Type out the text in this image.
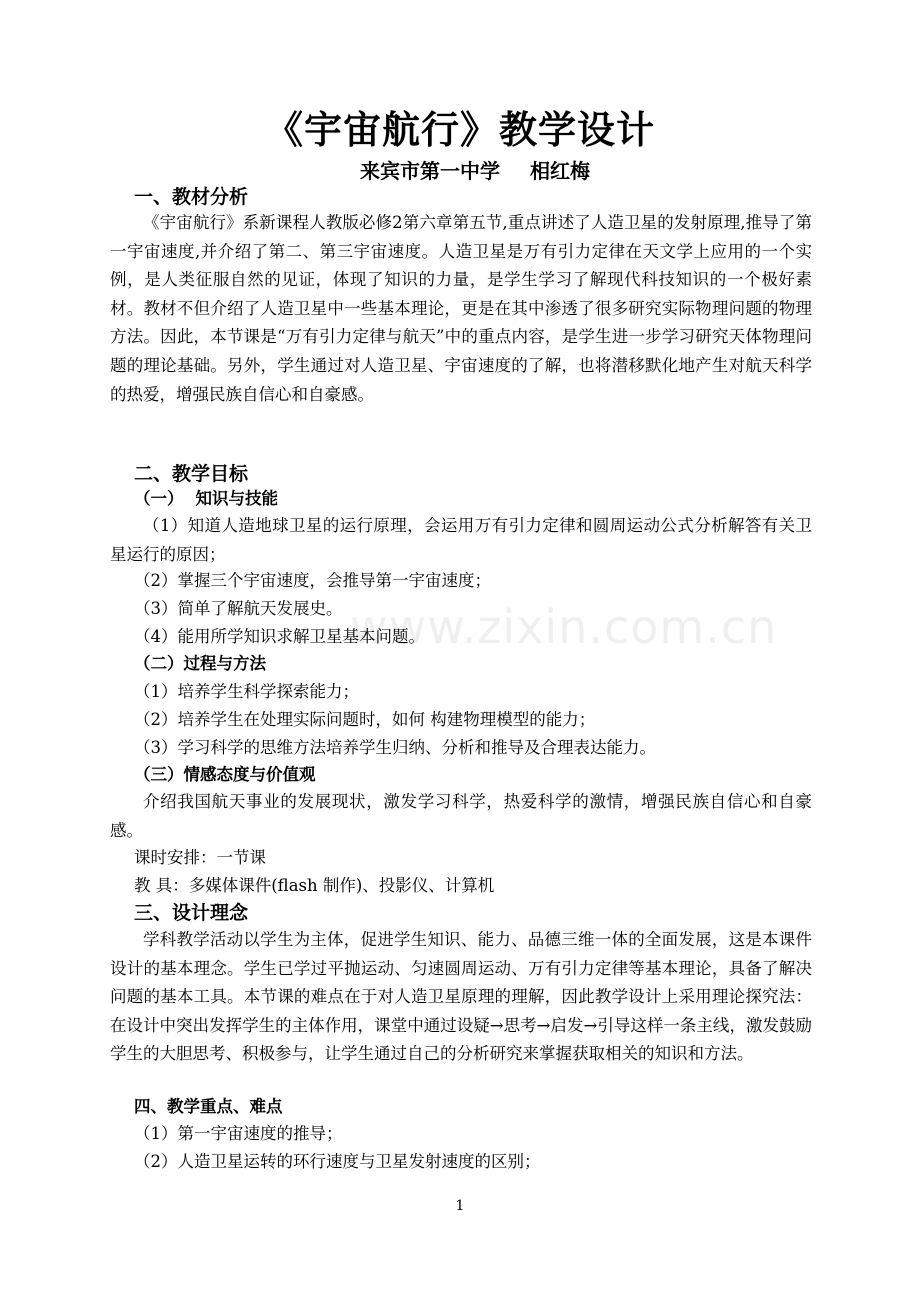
www.zixin.com.cn
《宇宙航行》教学设计
来宾市第一中学 相红梅
一、教材分析
《宇宙航行》系新课程人教版必修2第六章第五节,重点讲述了人造卫星的发射原理,推导了第一宇宙速度,并介绍了第二、第三宇宙速度。人造卫星是万有引力定律在天文学上应用的一个实例，是人类征服自然的见证，体现了知识的力量，是学生学习了解现代科技知识的一个极好素材。教材不但介绍了人造卫星中一些基本理论，更是在其中渗透了很多研究实际物理问题的物理方法。因此，本节课是“万有引力定律与航天”中的重点内容，是学生进一步学习研究天体物理问题的理论基础。另外，学生通过对人造卫星、宇宙速度的了解，也将潜移默化地产生对航天科学的热爱，增强民族自信心和自豪感。
二、教学目标
（一） 知识与技能
（1）知道人造地球卫星的运行原理，会运用万有引力定律和圆周运动公式分析解答有关卫星运行的原因；
（2）掌握三个宇宙速度，会推导第一宇宙速度；
（3）简单了解航天发展史。
（4）能用所学知识求解卫星基本问题。
（二）过程与方法
（1）培养学生科学探索能力；
（2）培养学生在处理实际问题时，如何 构建物理模型的能力；
（3）学习科学的思维方法培养学生归纳、分析和推导及合理表达能力。
（三）情感态度与价值观
介绍我国航天事业的发展现状，激发学习科学，热爱科学的激情，增强民族自信心和自豪感。
课时安排：一节课
教 具：多媒体课件(flash 制作)、投影仪、计算机
三、设计理念
学科教学活动以学生为主体，促进学生知识、能力、品德三维一体的全面发展，这是本课件设计的基本理念。学生已学过平抛运动、匀速圆周运动、万有引力定律等基本理论，具备了解决问题的基本工具。本节课的难点在于对人造卫星原理的理解，因此教学设计上采用理论探究法：在设计中突出发挥学生的主体作用，课堂中通过设疑→思考→启发→引导这样一条主线，激发鼓励学生的大胆思考、积极参与，让学生通过自己的分析研究来掌握获取相关的知识和方法。
四、教学重点、难点
（1）第一宇宙速度的推导；
（2）人造卫星运转的环行速度与卫星发射速度的区别；
1
